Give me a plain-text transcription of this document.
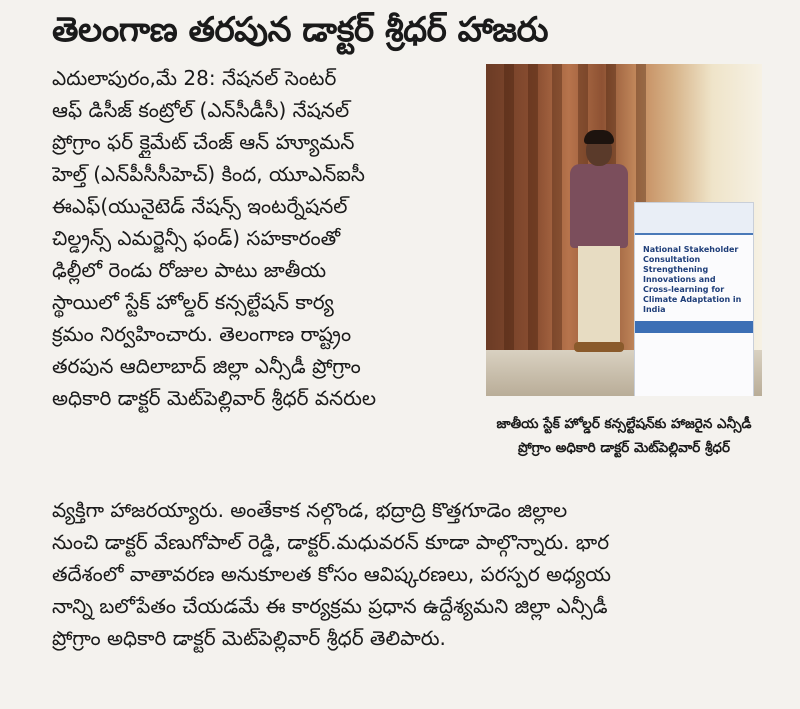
తెలంగాణ తరపున డాక్టర్ శ్రీధర్ హాజరు
ఎదులాపురం,మే 28: నేషనల్ సెంటర్
ఆఫ్ డిసీజ్ కంట్రోల్ (ఎన్‌సీడీసీ) నేషనల్
ప్రోగ్రాం ఫర్ క్లైమేట్ చేంజ్ ఆన్ హ్యూమన్
హెల్త్ (ఎన్‌పీసీసీహెచ్) కింద, యూఎన్ఐసీ
ఈఎఫ్(యునైటెడ్ నేషన్స్ ఇంటర్నేషనల్
చిల్డ్రన్స్ ఎమర్జెన్సీ ఫండ్) సహకారంతో
ఢిల్లీలో రెండు రోజుల పాటు జాతీయ
స్థాయిలో స్టేక్ హోల్డర్ కన్సల్టేషన్ కార్య
క్రమం నిర్వహించారు. తెలంగాణ రాష్ట్రం
తరపున ఆదిలాబాద్ జిల్లా ఎన్సీడీ ప్రోగ్రాం
అధికారి డాక్టర్ మెట్‌పెల్లివార్ శ్రీధర్ వనరుల
National Stakeholder Consultation Strengthening Innovations and Cross-learning for Climate Adaptation in India
జాతీయ స్టేక్ హోల్డర్ కన్సల్టేషన్‌కు హాజరైన ఎన్సీడీ
ప్రోగ్రాం అధికారి డాక్టర్ మెట్‌పెల్లివార్ శ్రీధర్
వ్యక్తిగా హాజరయ్యారు. అంతేకాక నల్గొండ, భద్రాద్రి కొత్తగూడెం జిల్లాల
నుంచి డాక్టర్ వేణుగోపాల్ రెడ్డి, డాక్టర్.మధువరన్ కూడా పాల్గొన్నారు. భార
తదేశంలో వాతావరణ అనుకూలత కోసం ఆవిష్కరణలు, పరస్పర అధ్యయ
నాన్ని బలోపేతం చేయడమే ఈ కార్యక్రమ ప్రధాన ఉద్దేశ్యమని జిల్లా ఎన్సీడీ
ప్రోగ్రాం అధికారి డాక్టర్ మెట్‌పెల్లివార్ శ్రీధర్ తెలిపారు.
